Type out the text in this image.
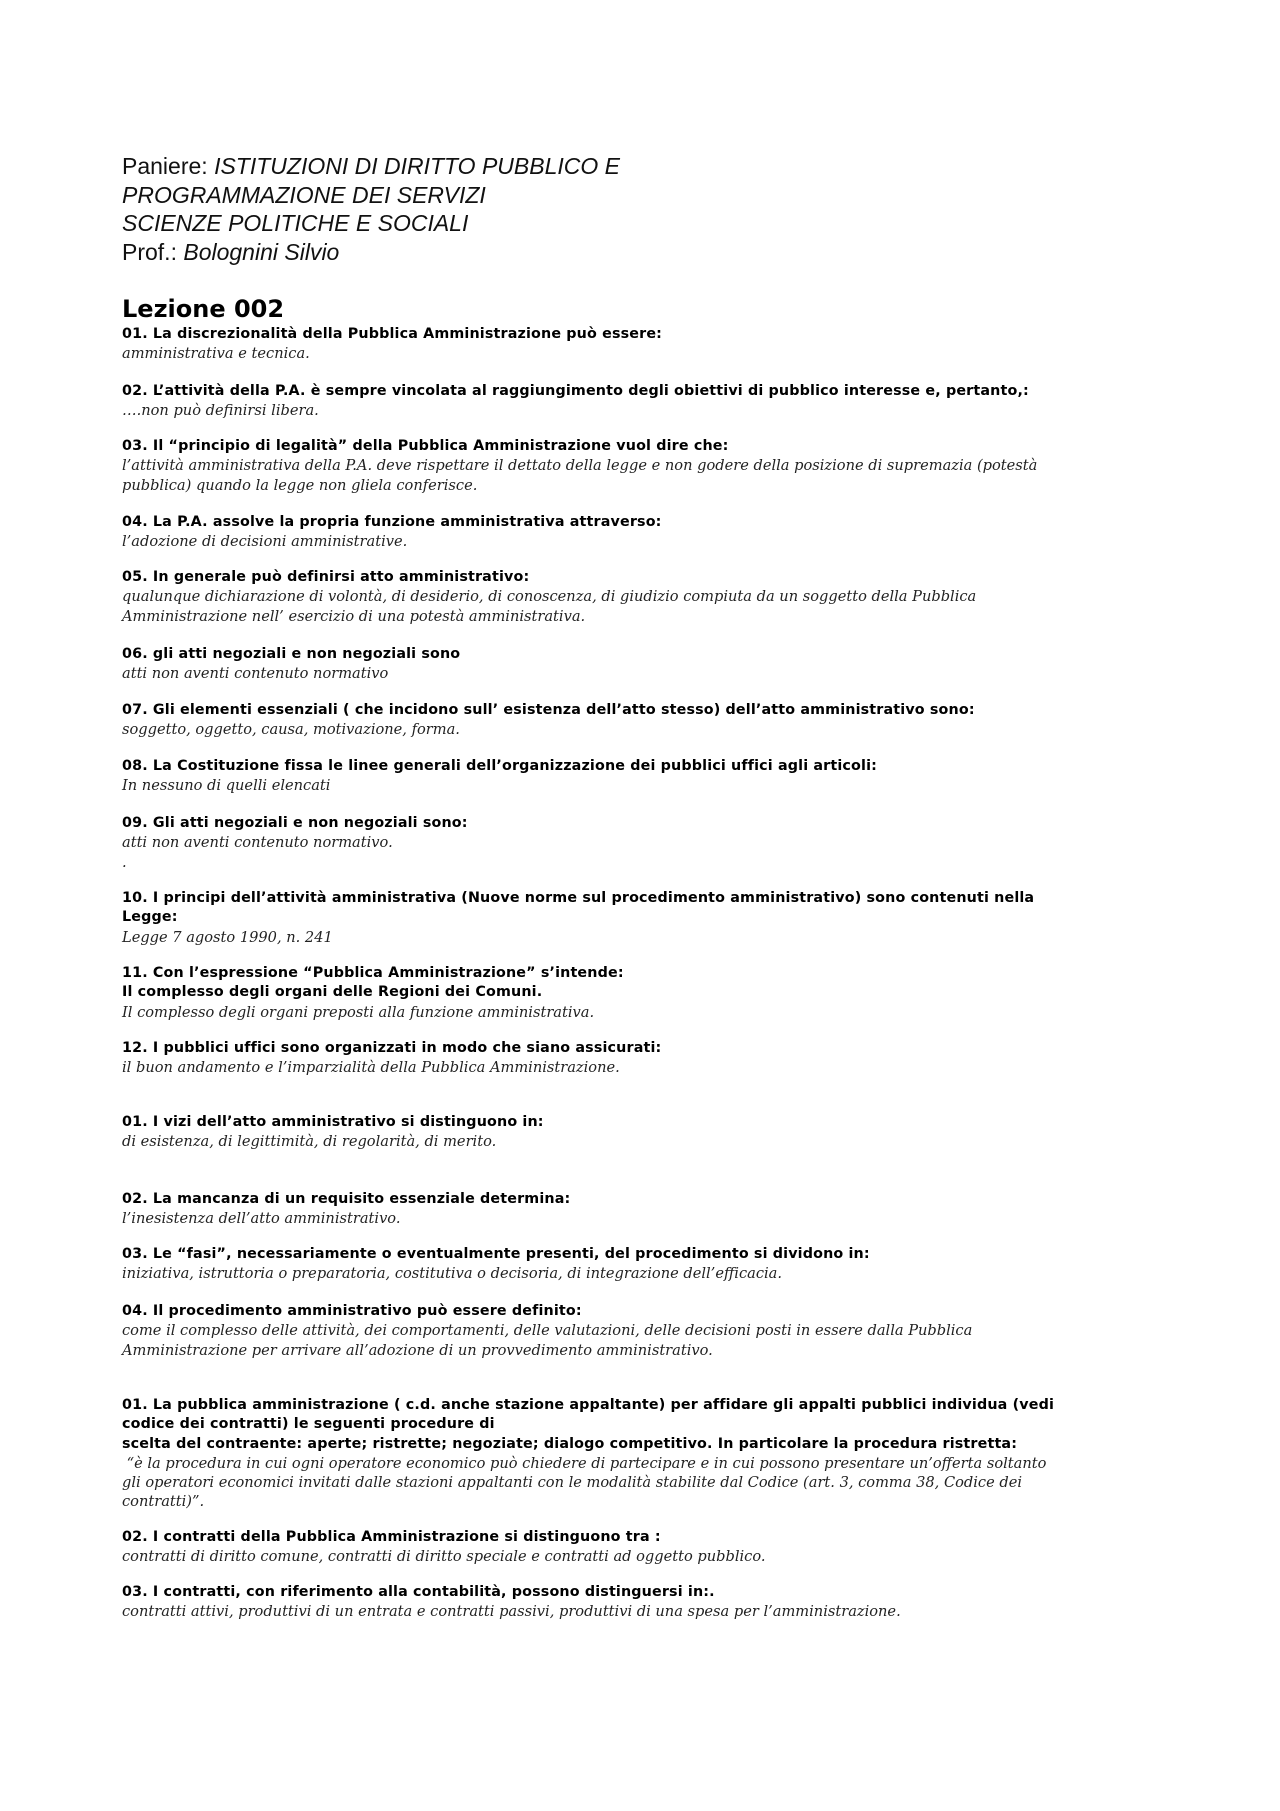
Paniere: ISTITUZIONI DI DIRITTO PUBBLICO E
PROGRAMMAZIONE DEI SERVIZI
SCIENZE POLITICHE E SOCIALI
Prof.: Bolognini Silvio
Lezione 002
01. La discrezionalità della Pubblica Amministrazione può essere:
amministrativa e tecnica.
02. L’attività della P.A. è sempre vincolata al raggiungimento degli obiettivi di pubblico interesse e, pertanto,:
….non può definirsi libera.
03. Il “principio di legalità” della Pubblica Amministrazione vuol dire che:
l’attività amministrativa della P.A. deve rispettare il dettato della legge e non godere della posizione di supremazia (potestà
pubblica) quando la legge non gliela conferisce.
04. La P.A. assolve la propria funzione amministrativa attraverso:
l’adozione di decisioni amministrative.
05. In generale può definirsi atto amministrativo:
qualunque dichiarazione di volontà, di desiderio, di conoscenza, di giudizio compiuta da un soggetto della Pubblica
Amministrazione nell’ esercizio di una potestà amministrativa.
06. gli atti negoziali e non negoziali sono
atti non aventi contenuto normativo
07. Gli elementi essenziali ( che incidono sull’ esistenza dell’atto stesso) dell’atto amministrativo sono:
soggetto, oggetto, causa, motivazione, forma.
08. La Costituzione fissa le linee generali dell’organizzazione dei pubblici uffici agli articoli:
In nessuno di quelli elencati
09. Gli atti negoziali e non negoziali sono:
atti non aventi contenuto normativo.
.
10. I principi dell’attività amministrativa (Nuove norme sul procedimento amministrativo) sono contenuti nella
Legge:
Legge 7 agosto 1990, n. 241
11. Con l’espressione “Pubblica Amministrazione” s’intende:
Il complesso degli organi delle Regioni dei Comuni.
Il complesso degli organi preposti alla funzione amministrativa.
12. I pubblici uffici sono organizzati in modo che siano assicurati:
il buon andamento e l’imparzialità della Pubblica Amministrazione.
01. I vizi dell’atto amministrativo si distinguono in:
di esistenza, di legittimità, di regolarità, di merito.
02. La mancanza di un requisito essenziale determina:
l’inesistenza dell’atto amministrativo.
03. Le “fasi”, necessariamente o eventualmente presenti, del procedimento si dividono in:
iniziativa, istruttoria o preparatoria, costitutiva o decisoria, di integrazione dell’efficacia.
04. Il procedimento amministrativo può essere definito:
come il complesso delle attività, dei comportamenti, delle valutazioni, delle decisioni posti in essere dalla Pubblica
Amministrazione per arrivare all’adozione di un provvedimento amministrativo.
01. La pubblica amministrazione ( c.d. anche stazione appaltante) per affidare gli appalti pubblici individua (vedi
codice dei contratti) le seguenti procedure di
scelta del contraente: aperte; ristrette; negoziate; dialogo competitivo. In particolare la procedura ristretta:
“è la procedura in cui ogni operatore economico può chiedere di partecipare e in cui possono presentare un’offerta soltanto
gli operatori economici invitati dalle stazioni appaltanti con le modalità stabilite dal Codice (art. 3, comma 38, Codice dei
contratti)”.
02. I contratti della Pubblica Amministrazione si distinguono tra :
contratti di diritto comune, contratti di diritto speciale e contratti ad oggetto pubblico.
03. I contratti, con riferimento alla contabilità, possono distinguersi in:.
contratti attivi, produttivi di un entrata e contratti passivi, produttivi di una spesa per l’amministrazione.
